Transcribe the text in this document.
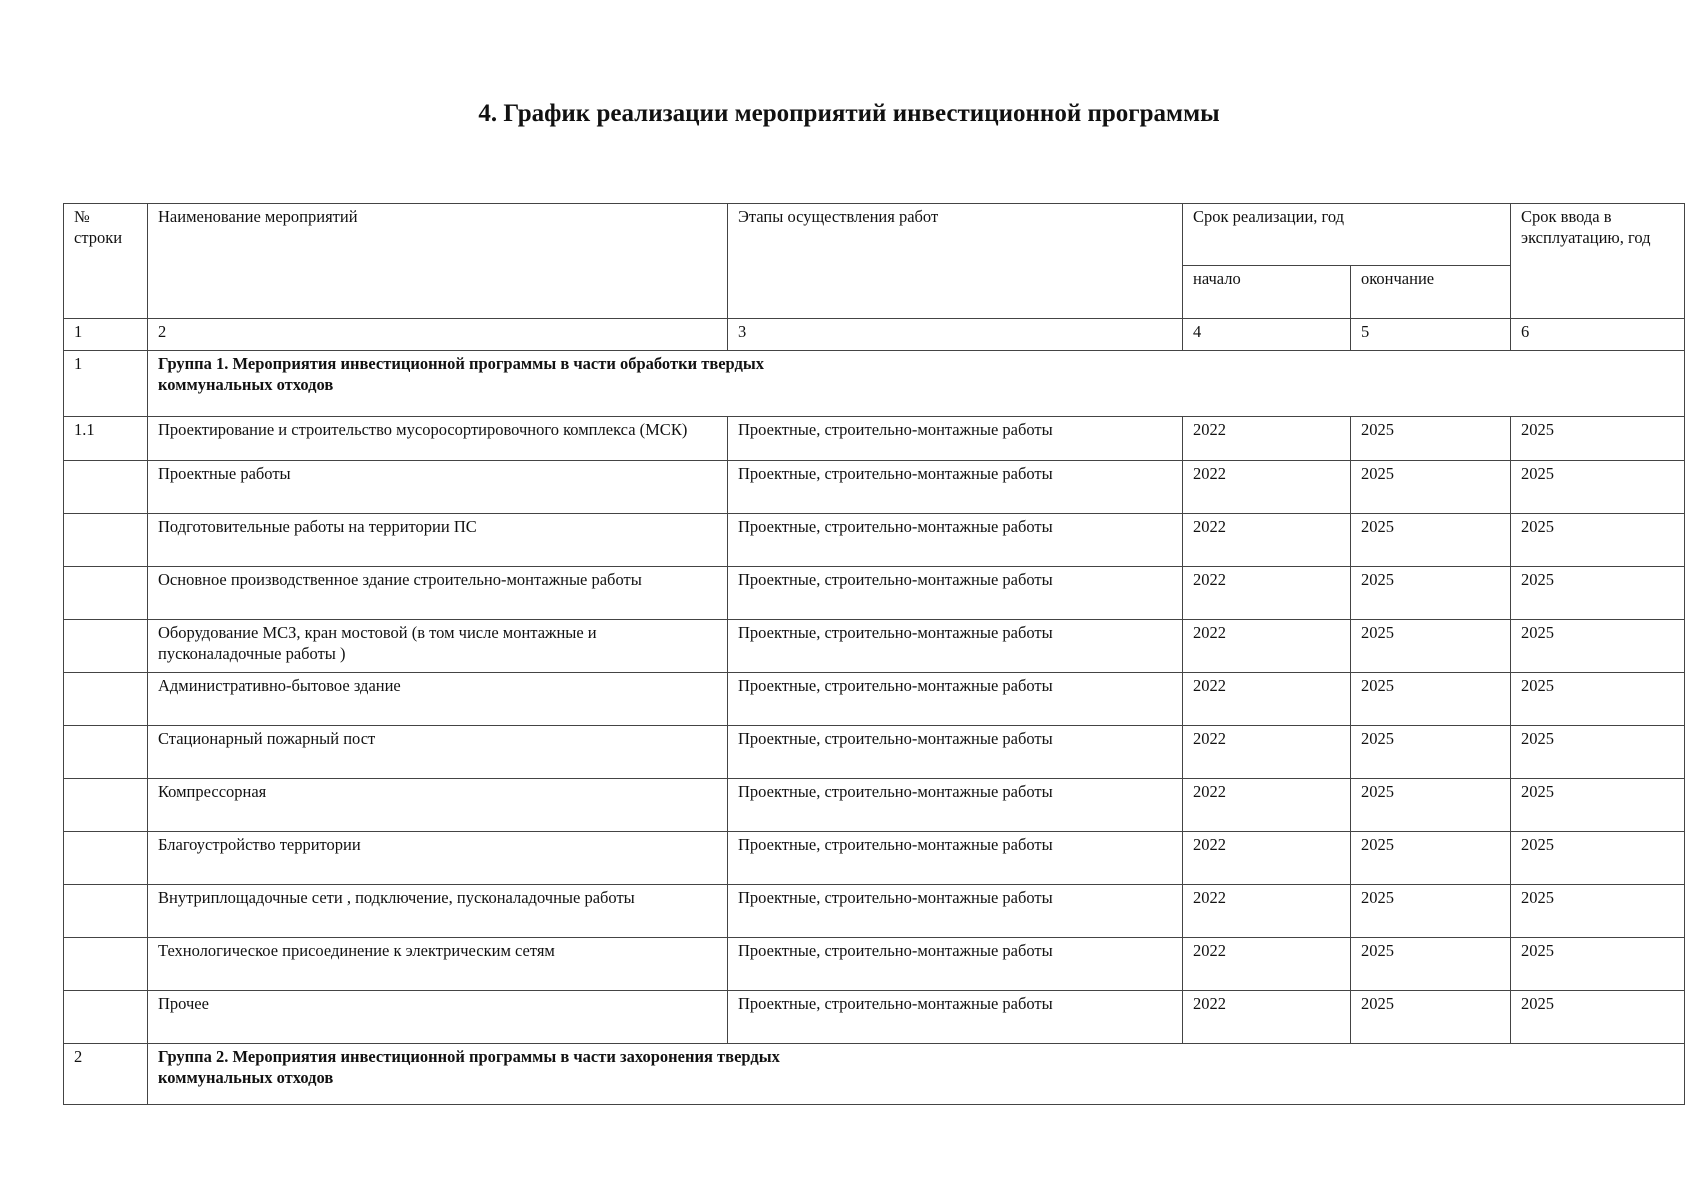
4. График реализации мероприятий инвестиционной программы
№ строки	Наименование мероприятий	Этапы осуществления работ	Срок реализации, год		Срок ввода в эксплуатацию, год
			начало	окончание	
1	2	3	4	5	6
1	Группа 1. Мероприятия инвестиционной программы в части обработки твердых коммунальных отходов				

1.1	Проектирование и строительство мусоросортировочного комплекса (МСК)	Проектные, строительно-монтажные работы	2022	2025	2025
	Проектные работы	Проектные, строительно-монтажные работы	2022	2025	2025
	Подготовительные работы на территории ПС	Проектные, строительно-монтажные работы	2022	2025	2025
	Основное производственное здание строительно-монтажные работы	Проектные, строительно-монтажные работы	2022	2025	2025
	Оборудование МСЗ, кран мостовой (в том числе монтажные и пусконаладочные работы )	Проектные, строительно-монтажные работы	2022	2025	2025
	Административно-бытовое здание	Проектные, строительно-монтажные работы	2022	2025	2025
	Стационарный пожарный пост	Проектные, строительно-монтажные работы	2022	2025	2025
	Компрессорная	Проектные, строительно-монтажные работы	2022	2025	2025
	Благоустройство территории	Проектные, строительно-монтажные работы	2022	2025	2025
	Внутриплощадочные сети , подключение, пусконаладочные работы	Проектные, строительно-монтажные работы	2022	2025	2025
	Технологическое присоединение к электрическим сетям	Проектные, строительно-монтажные работы	2022	2025	2025
	Прочее	Проектные, строительно-монтажные работы	2022	2025	2025
2	Группа 2. Мероприятия инвестиционной программы в части захоронения твердых коммунальных отходов				
